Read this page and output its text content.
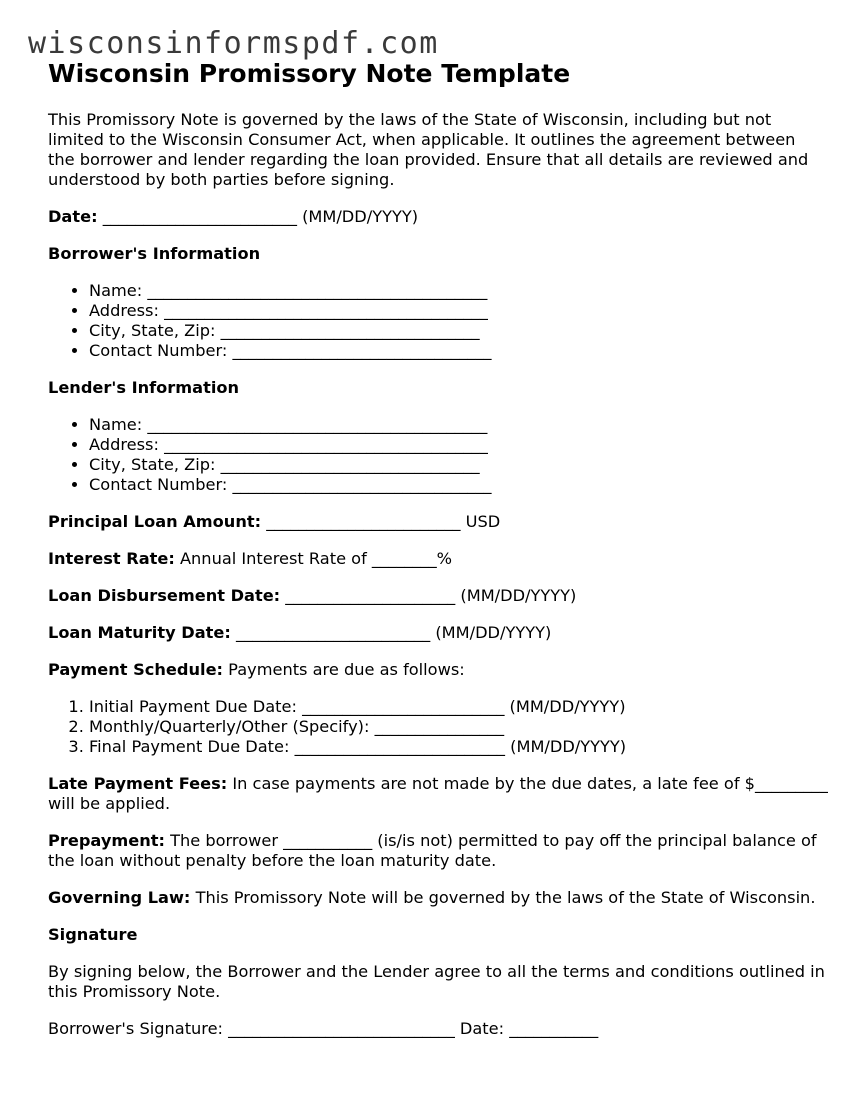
wisconsinformspdf.com
Wisconsin Promissory Note Template

This Promissory Note is governed by the laws of the State of Wisconsin, including but not limited to the Wisconsin Consumer Act, when applicable. It outlines the agreement between the borrower and lender regarding the loan provided. Ensure that all details are reviewed and understood by both parties before signing.

Date: ________________________ (MM/DD/YYYY)

Borrower's Information

• Name: __________________________________________
• Address: ________________________________________
• City, State, Zip: ________________________________
• Contact Number: ________________________________

Lender's Information

• Name: __________________________________________
• Address: ________________________________________
• City, State, Zip: ________________________________
• Contact Number: ________________________________

Principal Loan Amount: ________________________ USD

Interest Rate: Annual Interest Rate of ________%

Loan Disbursement Date: _____________________ (MM/DD/YYYY)

Loan Maturity Date: ________________________ (MM/DD/YYYY)

Payment Schedule: Payments are due as follows:

1. Initial Payment Due Date: _________________________ (MM/DD/YYYY)
2. Monthly/Quarterly/Other (Specify): ________________
3. Final Payment Due Date: __________________________ (MM/DD/YYYY)

Late Payment Fees: In case payments are not made by the due dates, a late fee of $_________ will be applied.

Prepayment: The borrower ___________ (is/is not) permitted to pay off the principal balance of the loan without penalty before the loan maturity date.

Governing Law: This Promissory Note will be governed by the laws of the State of Wisconsin.

Signature

By signing below, the Borrower and the Lender agree to all the terms and conditions outlined in this Promissory Note.

Borrower's Signature: ____________________________ Date: ___________
